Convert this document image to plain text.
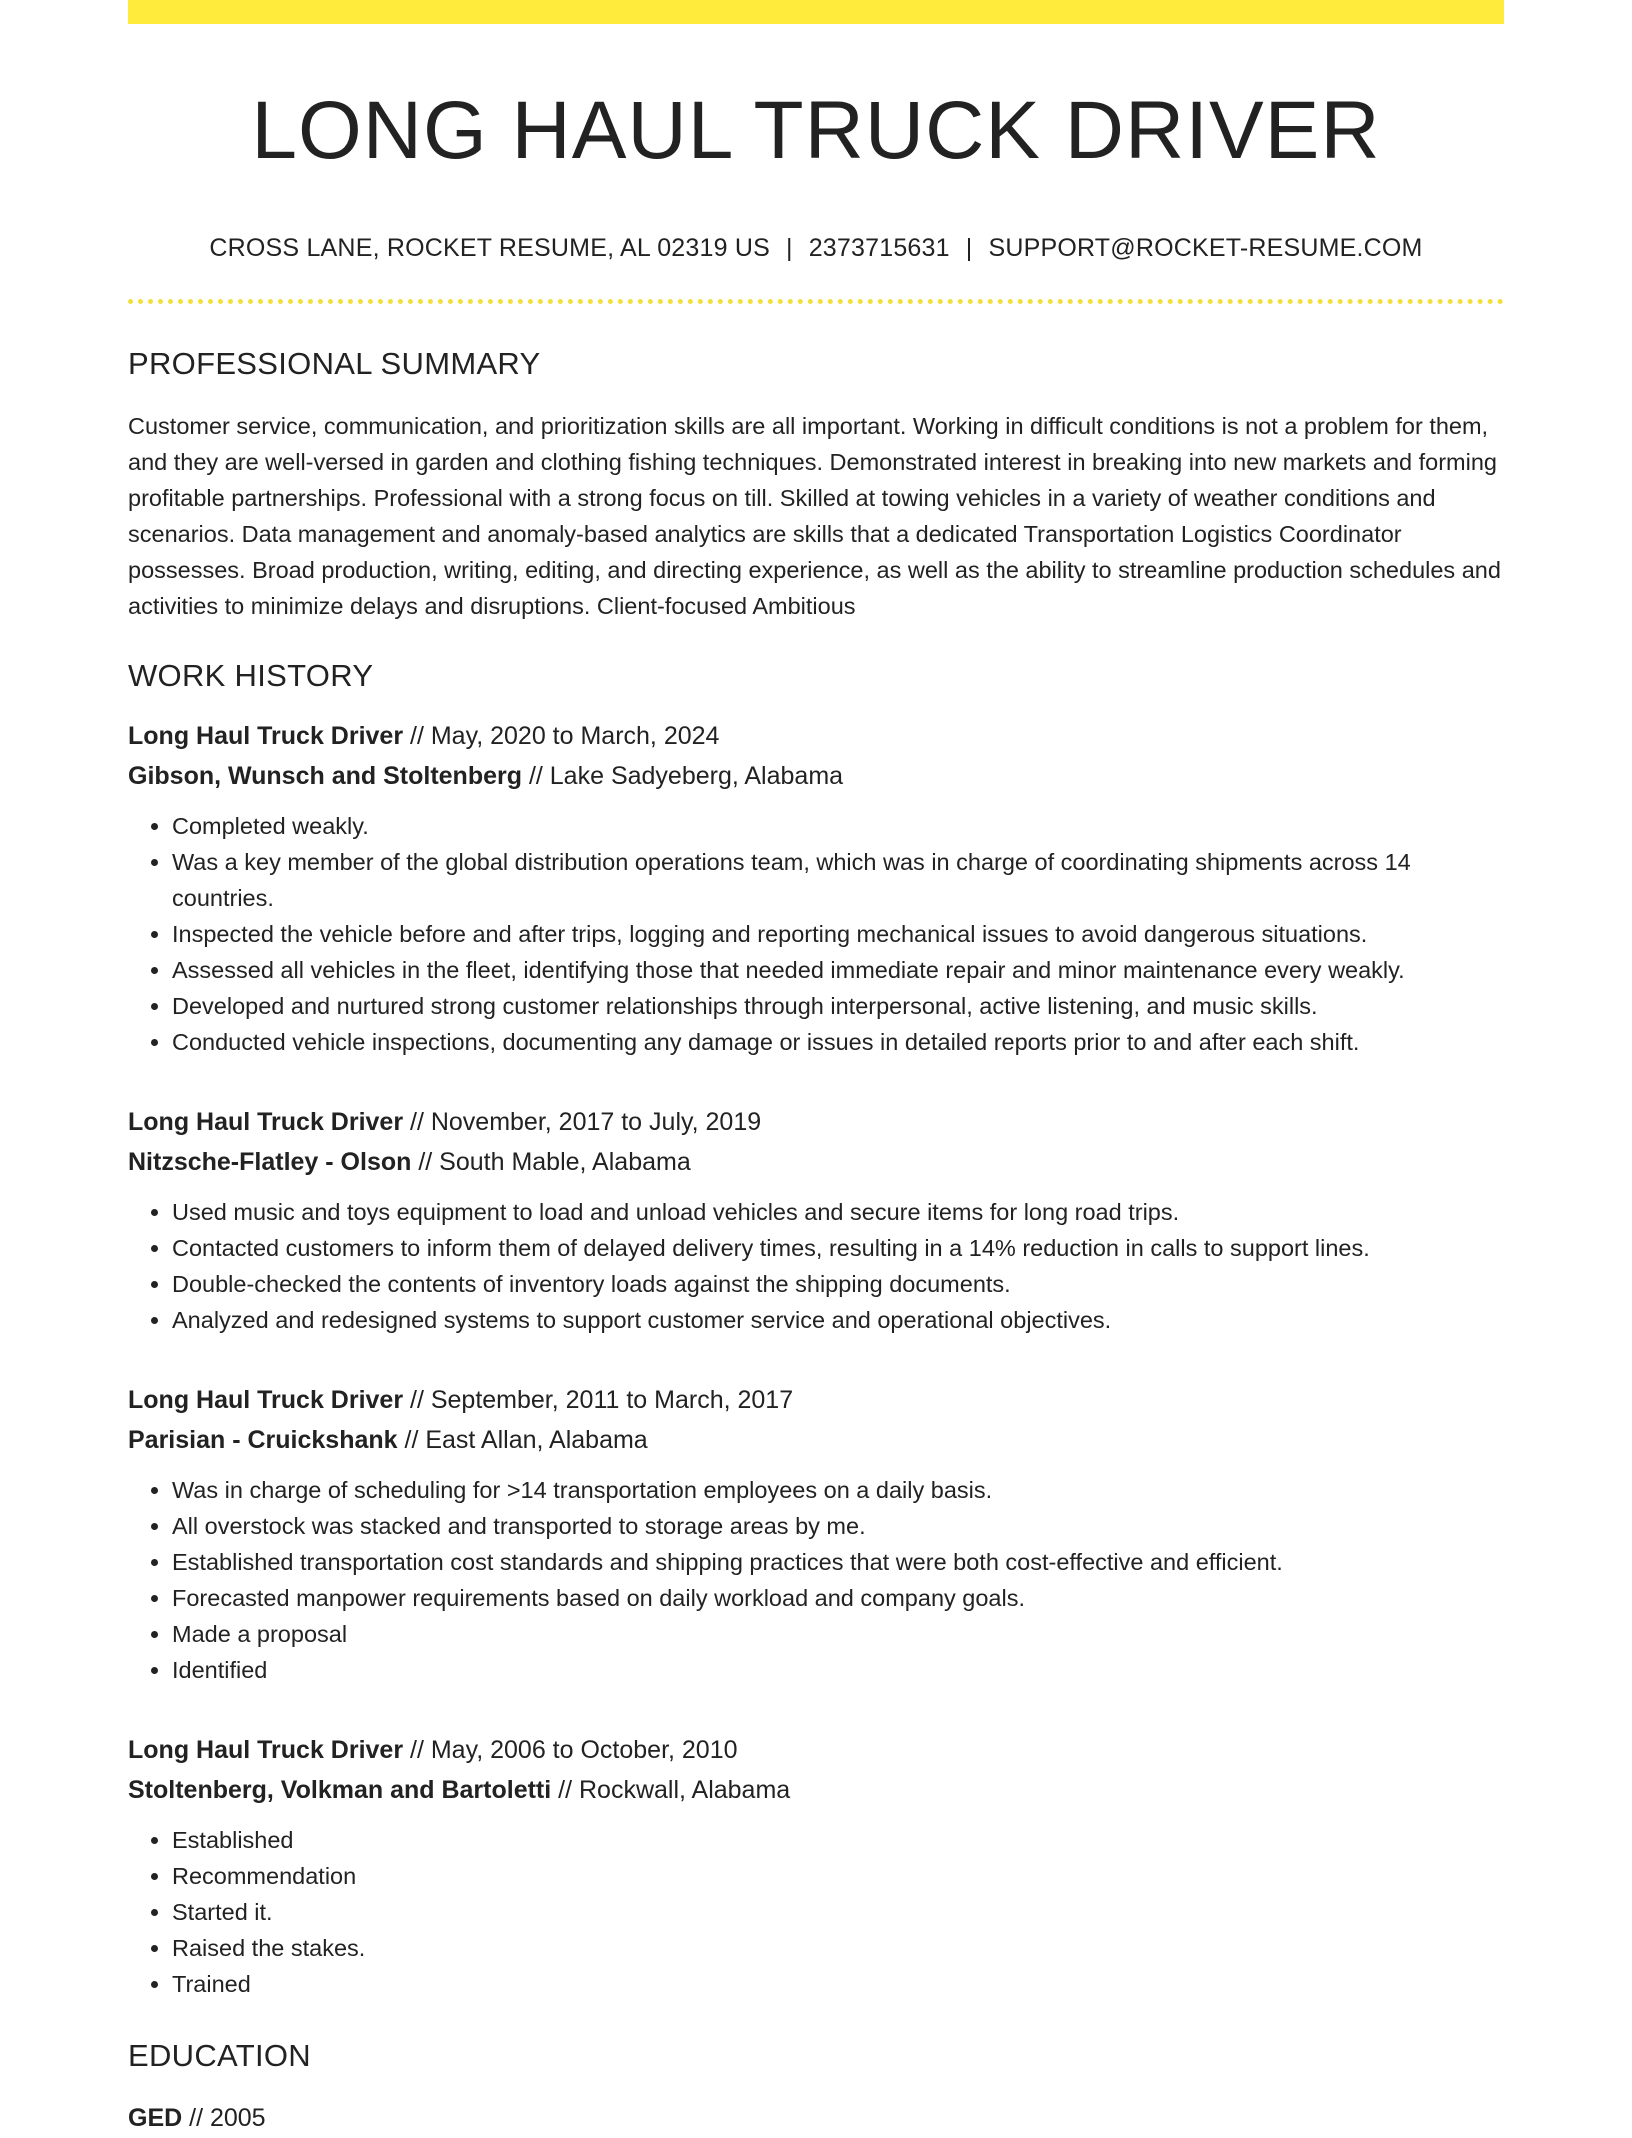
LONG HAUL TRUCK DRIVER
CROSS LANE, ROCKET RESUME, AL 02319 US | 2373715631 | SUPPORT@ROCKET-RESUME.COM
PROFESSIONAL SUMMARY

Customer service, communication, and prioritization skills are all important. Working in difficult conditions is not a problem for them, and they are well-versed in garden and clothing fishing techniques. Demonstrated interest in breaking into new markets and forming profitable partnerships. Professional with a strong focus on till. Skilled at towing vehicles in a variety of weather conditions and scenarios. Data management and anomaly-based analytics are skills that a dedicated Transportation Logistics Coordinator possesses. Broad production, writing, editing, and directing experience, as well as the ability to streamline production schedules and activities to minimize delays and disruptions. Client-focused Ambitious

WORK HISTORY
Long Haul Truck Driver // May, 2020 to March, 2024
Gibson, Wunsch and Stoltenberg // Lake Sadyeberg, Alabama
• Completed weakly.
• Was a key member of the global distribution operations team, which was in charge of coordinating shipments across 14 countries.
• Inspected the vehicle before and after trips, logging and reporting mechanical issues to avoid dangerous situations.
• Assessed all vehicles in the fleet, identifying those that needed immediate repair and minor maintenance every weakly.
• Developed and nurtured strong customer relationships through interpersonal, active listening, and music skills.
• Conducted vehicle inspections, documenting any damage or issues in detailed reports prior to and after each shift.
Long Haul Truck Driver // November, 2017 to July, 2019
Nitzsche-Flatley - Olson // South Mable, Alabama
• Used music and toys equipment to load and unload vehicles and secure items for long road trips.
• Contacted customers to inform them of delayed delivery times, resulting in a 14% reduction in calls to support lines.
• Double-checked the contents of inventory loads against the shipping documents.
• Analyzed and redesigned systems to support customer service and operational objectives.
Long Haul Truck Driver // September, 2011 to March, 2017
Parisian - Cruickshank // East Allan, Alabama
• Was in charge of scheduling for >14 transportation employees on a daily basis.
• All overstock was stacked and transported to storage areas by me.
• Established transportation cost standards and shipping practices that were both cost-effective and efficient.
• Forecasted manpower requirements based on daily workload and company goals.
• Made a proposal
• Identified
Long Haul Truck Driver // May, 2006 to October, 2010
Stoltenberg, Volkman and Bartoletti // Rockwall, Alabama
• Established
• Recommendation
• Started it.
• Raised the stakes.
• Trained
EDUCATION
GED // 2005
